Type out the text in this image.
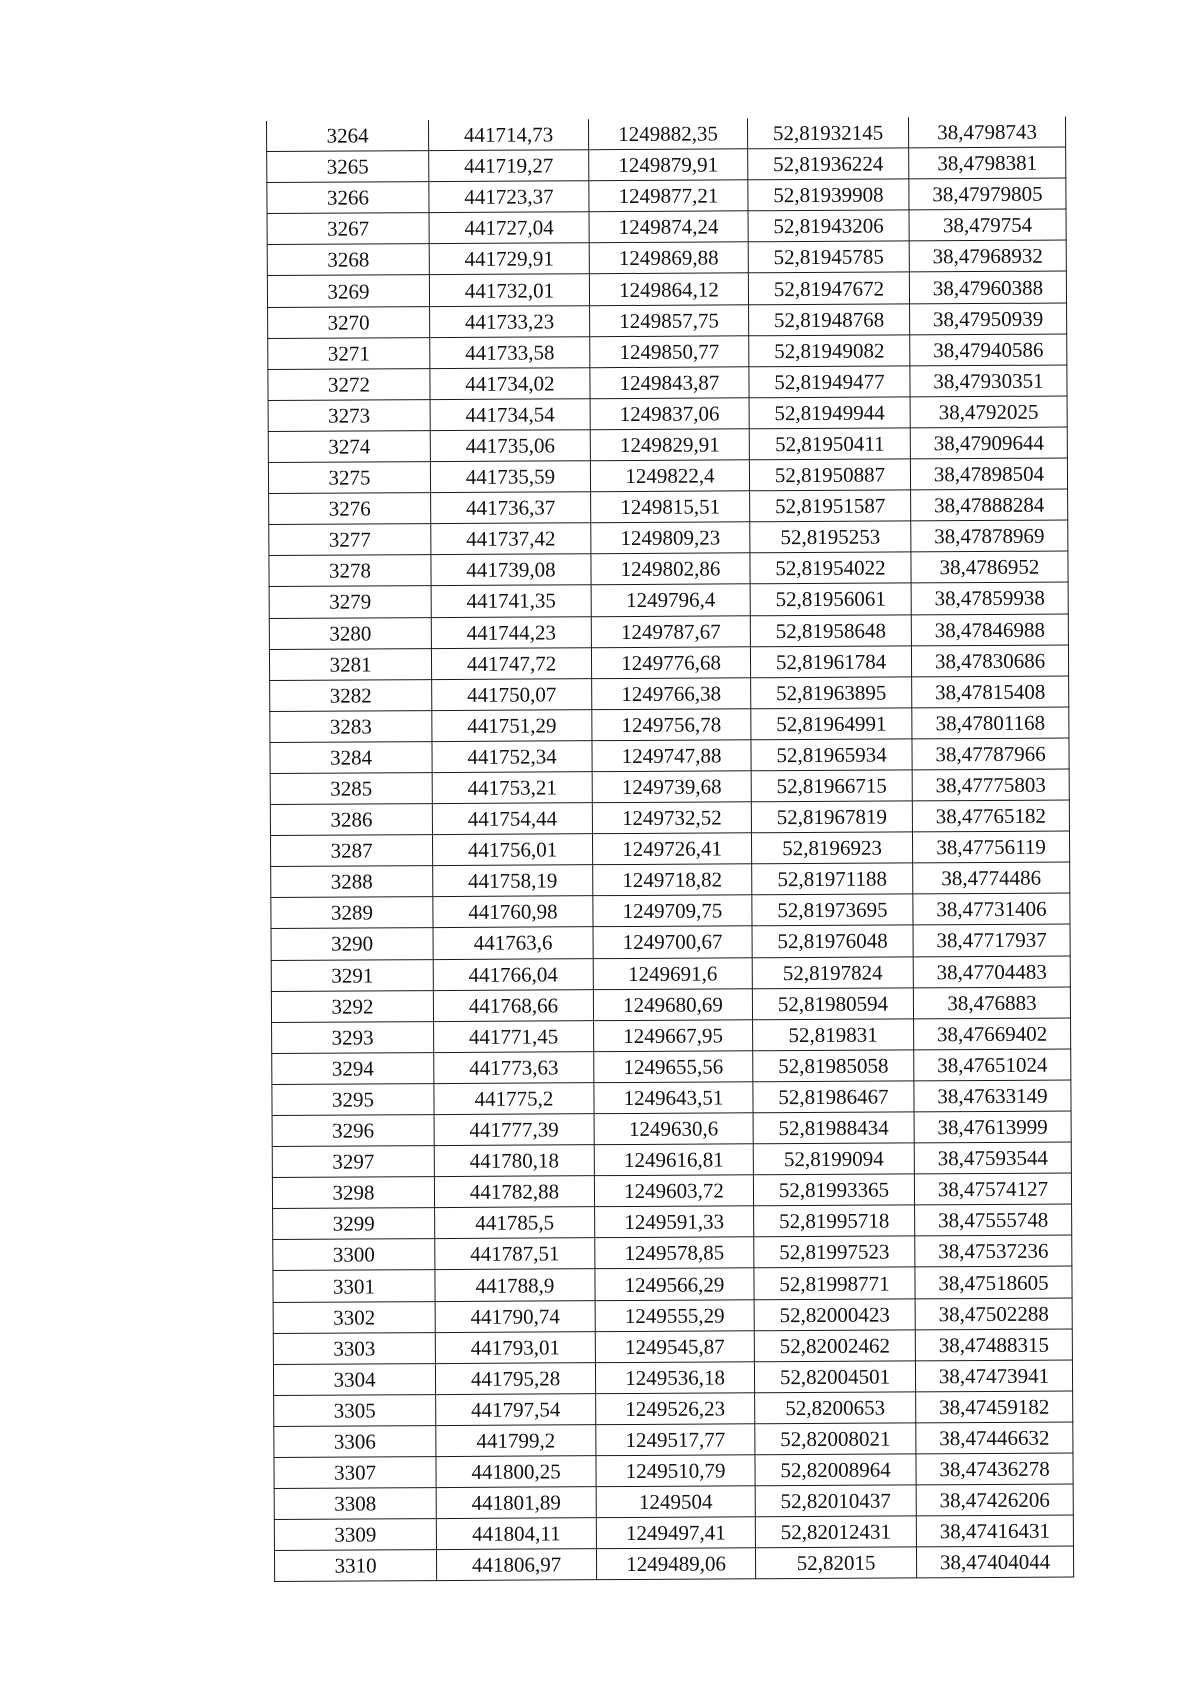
3264	441714,73	1249882,35	52,81932145	38,4798743
3265	441719,27	1249879,91	52,81936224	38,4798381
3266	441723,37	1249877,21	52,81939908	38,47979805
3267	441727,04	1249874,24	52,81943206	38,479754
3268	441729,91	1249869,88	52,81945785	38,47968932
3269	441732,01	1249864,12	52,81947672	38,47960388
3270	441733,23	1249857,75	52,81948768	38,47950939
3271	441733,58	1249850,77	52,81949082	38,47940586
3272	441734,02	1249843,87	52,81949477	38,47930351
3273	441734,54	1249837,06	52,81949944	38,4792025
3274	441735,06	1249829,91	52,81950411	38,47909644
3275	441735,59	1249822,4	52,81950887	38,47898504
3276	441736,37	1249815,51	52,81951587	38,47888284
3277	441737,42	1249809,23	52,8195253	38,47878969
3278	441739,08	1249802,86	52,81954022	38,4786952
3279	441741,35	1249796,4	52,81956061	38,47859938
3280	441744,23	1249787,67	52,81958648	38,47846988
3281	441747,72	1249776,68	52,81961784	38,47830686
3282	441750,07	1249766,38	52,81963895	38,47815408
3283	441751,29	1249756,78	52,81964991	38,47801168
3284	441752,34	1249747,88	52,81965934	38,47787966
3285	441753,21	1249739,68	52,81966715	38,47775803
3286	441754,44	1249732,52	52,81967819	38,47765182
3287	441756,01	1249726,41	52,8196923	38,47756119
3288	441758,19	1249718,82	52,81971188	38,4774486
3289	441760,98	1249709,75	52,81973695	38,47731406
3290	441763,6	1249700,67	52,81976048	38,47717937
3291	441766,04	1249691,6	52,8197824	38,47704483
3292	441768,66	1249680,69	52,81980594	38,476883
3293	441771,45	1249667,95	52,819831	38,47669402
3294	441773,63	1249655,56	52,81985058	38,47651024
3295	441775,2	1249643,51	52,81986467	38,47633149
3296	441777,39	1249630,6	52,81988434	38,47613999
3297	441780,18	1249616,81	52,8199094	38,47593544
3298	441782,88	1249603,72	52,81993365	38,47574127
3299	441785,5	1249591,33	52,81995718	38,47555748
3300	441787,51	1249578,85	52,81997523	38,47537236
3301	441788,9	1249566,29	52,81998771	38,47518605
3302	441790,74	1249555,29	52,82000423	38,47502288
3303	441793,01	1249545,87	52,82002462	38,47488315
3304	441795,28	1249536,18	52,82004501	38,47473941
3305	441797,54	1249526,23	52,8200653	38,47459182
3306	441799,2	1249517,77	52,82008021	38,47446632
3307	441800,25	1249510,79	52,82008964	38,47436278
3308	441801,89	1249504	52,82010437	38,47426206
3309	441804,11	1249497,41	52,82012431	38,47416431
3310	441806,97	1249489,06	52,82015	38,47404044
